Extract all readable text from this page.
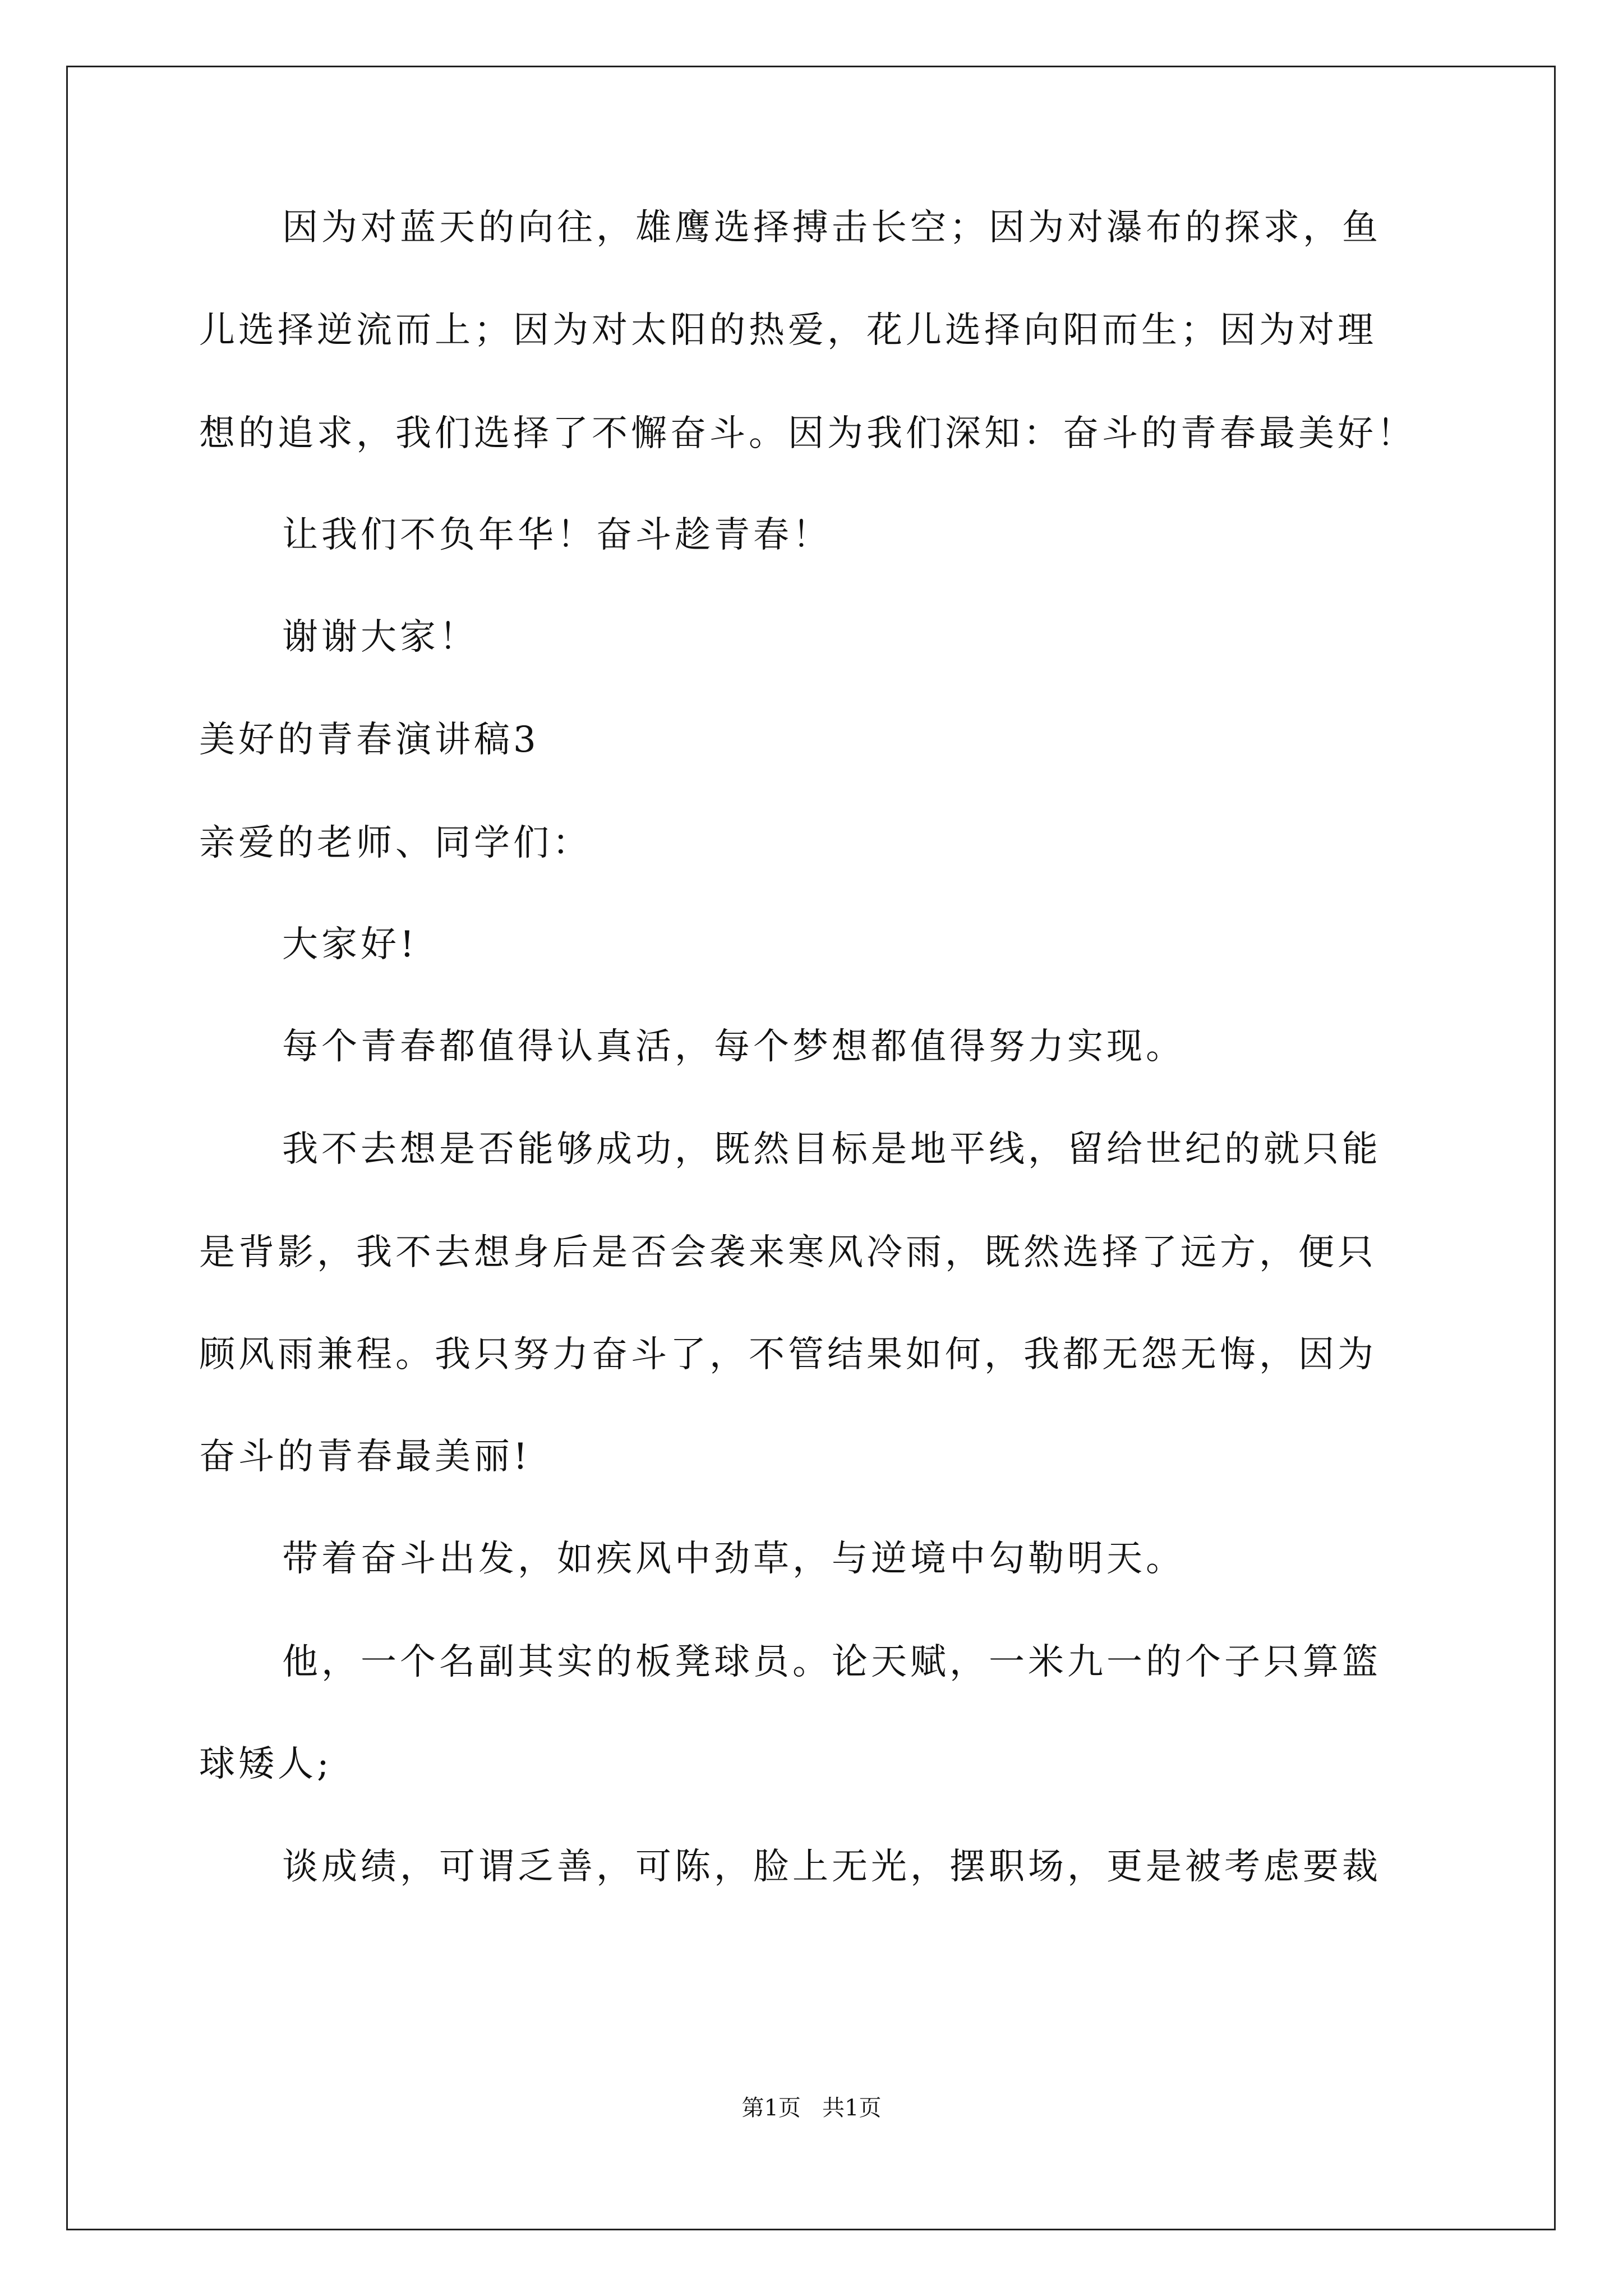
因为对蓝天的向往，雄鹰选择搏击长空；因为对瀑布的探求，鱼
儿选择逆流而上；因为对太阳的热爱，花儿选择向阳而生；因为对理
想的追求，我们选择了不懈奋斗。因为我们深知：奋斗的青春最美好！
让我们不负年华！奋斗趁青春！
谢谢大家！
美好的青春演讲稿3
亲爱的老师、同学们：
大家好!
每个青春都值得认真活，每个梦想都值得努力实现。
我不去想是否能够成功，既然目标是地平线，留给世纪的就只能
是背影，我不去想身后是否会袭来寒风冷雨，既然选择了远方，便只
顾风雨兼程。我只努力奋斗了，不管结果如何，我都无怨无悔，因为
奋斗的青春最美丽!
带着奋斗出发，如疾风中劲草，与逆境中勾勒明天。
他，一个名副其实的板凳球员。论天赋，一米九一的个子只算篮
球矮人;
谈成绩，可谓乏善，可陈，脸上无光，摆职场，更是被考虑要裁
第1页   共1页
